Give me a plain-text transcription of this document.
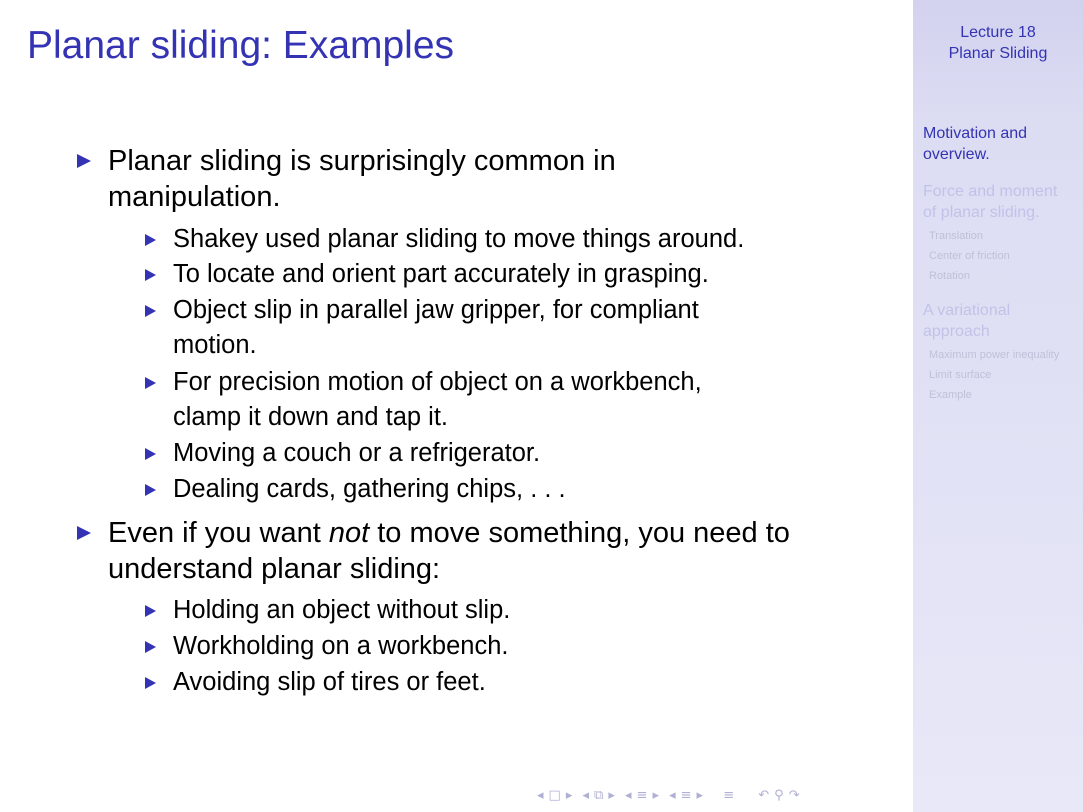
Planar sliding: Examples
Planar sliding is surprisingly common in
manipulation.
Shakey used planar sliding to move things around.
To locate and orient part accurately in grasping.
Object slip in parallel jaw gripper, for compliant
motion.
For precision motion of object on a workbench,
clamp it down and tap it.
Moving a couch or a refrigerator.
Dealing cards, gathering chips, . . .
Even if you want not to move something, you need to
understand planar sliding:
Holding an object without slip.
Workholding on a workbench.
Avoiding slip of tires or feet.
◂ □ ▸ ◂ ⧉ ▸ ◂ ≡ ▸ ◂ ≡ ▸ ≡ ↶ ⚲ ↷
Lecture 18
Planar Sliding
Motivation and
overview.
Force and moment
of planar sliding.
Translation
Center of friction
Rotation
A variational
approach
Maximum power inequality
Limit surface
Example
